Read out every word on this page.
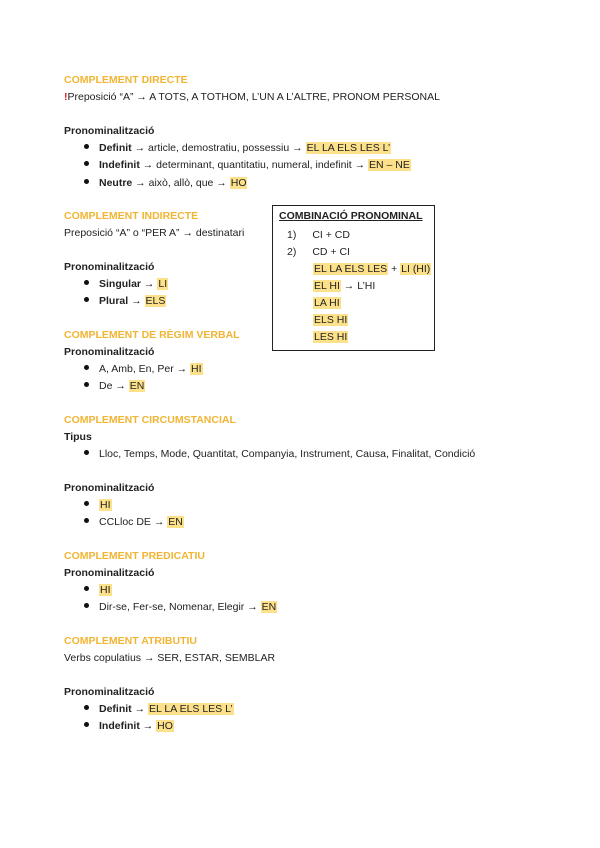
COMPLEMENT DIRECTE
!Preposició “A” → A TOTS, A TOTHOM, L’UN A L’ALTRE, PRONOM PERSONAL
Pronominalització
Definit → article, demostratiu, possessiu → EL LA ELS LES L’
Indefinit → determinant, quantitatiu, numeral, indefinit → EN – NE
Neutre → això, allò, que → HO
COMPLEMENT INDIRECTE
Preposició “A” o “PER A” → destinatari
Pronominalització
Singular → LI
Plural → ELS
COMPLEMENT DE RÈGIM VERBAL
Pronominalització
A, Amb, En, Per → HI
De → EN
COMPLEMENT CIRCUMSTANCIAL
Tipus
Lloc, Temps, Mode, Quantitat, Companyia, Instrument, Causa, Finalitat, Condició
Pronominalització
HI
CCLloc DE → EN
COMPLEMENT PREDICATIU
Pronominalització
HI
Dir-se, Fer-se, Nomenar, Elegir → EN
COMPLEMENT ATRIBUTIU
Verbs copulatius → SER, ESTAR, SEMBLAR
Pronominalització
Definit → EL LA ELS LES L’
Indefinit → HO
COMBINACIÓ PRONOMINAL
1) CI + CD
2) CD + CI
EL LA ELS LES + LI (HI)
EL HI → L’HI
LA HI
ELS HI
LES HI
